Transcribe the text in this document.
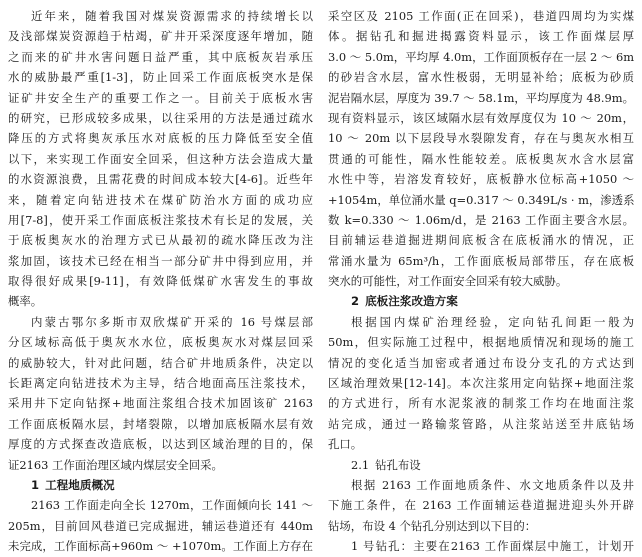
近年来，随着我国对煤炭资源需求的持续增长以
及浅部煤炭资源趋于枯竭，矿井开采深度逐年增加，随
之而来的矿井水害问题日益严重，其中底板灰岩承压
水的威胁最严重[1-3]，防止回采工作面底板突水是保
证矿井安全生产的重要工作之一。目前关于底板水害
的研究，已形成较多成果，以往采用的方法是通过疏水
降压的方式将奥灰承压水对底板的压力降低至安全值
以下，来实现工作面安全回采，但这种方法会造成大量
的水资源浪费，且需花费的时间成本较大[4-6]。近些年
来，随着定向钻进技术在煤矿防治水方面的成功应
用[7-8]，使开采工作面底板注浆技术有长足的发展，关
于底板奥灰水的治理方式已从最初的疏水降压改为注
浆加固，该技术已经在相当一部分矿井中得到应用，并
取得很好成果[9-11]，有效降低煤矿水害发生的事故
概率。
内蒙古鄂尔多斯市双欣煤矿开采的 16 号煤层部
分区域标高低于奥灰水水位，底板奥灰水对煤层回采
的威胁较大，针对此问题，结合矿井地质条件，决定以
长距离定向钻进技术为主导，结合地面高压注浆技术，
采用井下定向钻探+地面注浆组合技术加固该矿 2163
工作面底板隔水层，封堵裂隙，以增加底板隔水层有效
厚度的方式探查改造底板，以达到区域治理的目的，保
证2163 工作面治理区域内煤层安全回采。
1 工程地质概况
2163 工作面走向全长 1270m，工作面倾向长 141 ～
205m，目前回风巷道已完成掘进，辅运巷道还有 440m
未完成，工作面标高+960m ～ +1070m。工作面上方存在
采空区及 2105 工作面(正在回采)，巷道四周均为实煤
体。据钻孔和掘进揭露资料显示，该工作面煤层厚
3.0 ～ 5.0m，平均厚 4.0m，工作面顶板存在一层 2 ～ 6m
的砂岩含水层，富水性极弱，无明显补给；底板为砂质
泥岩隔水层，厚度为 39.7 ～ 58.1m，平均厚度为 48.9m。
现有资料显示，该区域隔水层有效厚度仅为 10 ～ 20m，
10 ～ 20m 以下层段导水裂隙发育，存在与奥灰水相互
贯通的可能性，隔水性能较差。底板奥灰水含水层富
水性中等，岩溶发育较好，底板静水位标高+1050 ～
+1054m，单位涌水量 q=0.317 ～ 0.349L/s · m，渗透系
数 k=0.330 ～ 1.06m/d，是 2163 工作面主要含水层。
目前辅运巷道掘进期间底板含在底板涌水的情况，正
常涌水量为 65m³/h，工作面底板局部带压，存在底板
突水的可能性，对工作面安全回采有较大威胁。
2 底板注浆改造方案
根据国内煤矿治理经验，定向钻孔间距一般为
50m，但实际施工过程中，根据地质情况和现场的施工
情况的变化适当加密或者通过布设分支孔的方式达到
区域治理效果[12-14]。本次注浆用定向钻探+地面注浆
的方式进行，所有水泥浆液的制浆工作均在地面注浆
站完成，通过一路输浆管路，从注浆站送至井底钻场
孔口。
2.1 钻孔布设
根据 2163 工作面地质条件、水文地质条件以及井
下施工条件，在 2163 工作面辅运巷道掘进迎头外开辟
钻场，布设 4 个钻孔分别达到以下目的：
1 号钻孔：主要在2163 工作面煤层中施工，计划开
